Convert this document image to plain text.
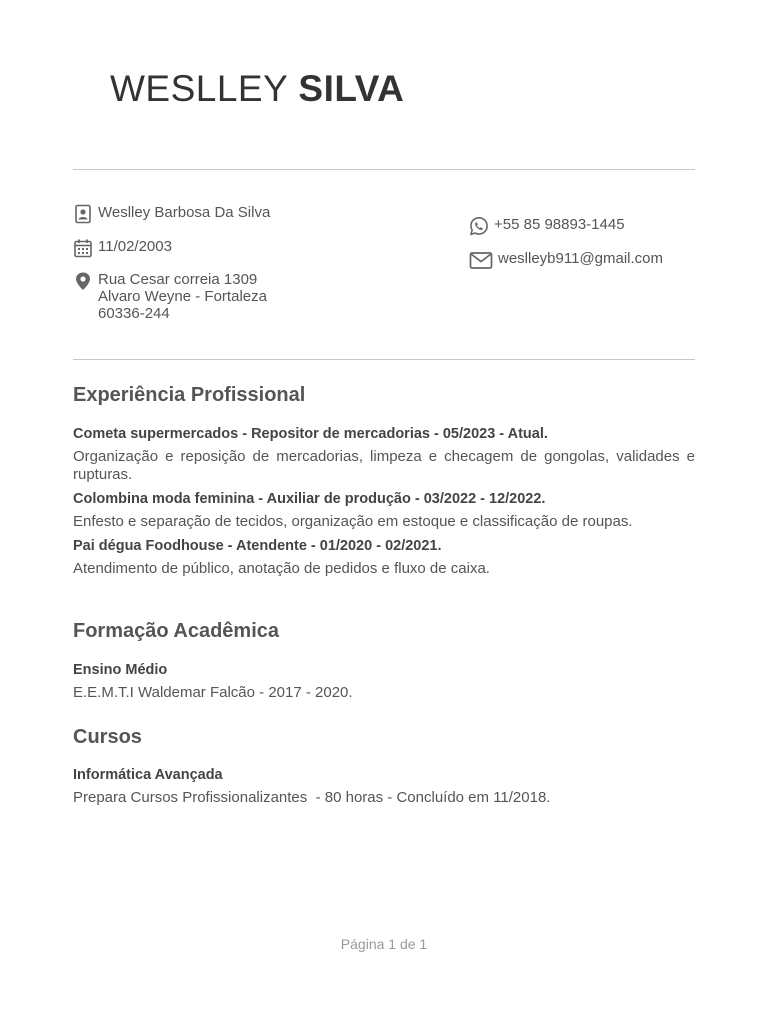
WESLLEY SILVA
Weslley Barbosa Da Silva
11/02/2003
Rua Cesar correia 1309
Alvaro Weyne - Fortaleza
60336-244
+55 85 98893-1445
weslleyb911@gmail.com
Experiência Profissional
Cometa supermercados - Repositor de mercadorias - 05/2023 - Atual.
Organização e reposição de mercadorias, limpeza e checagem de gongolas, validades e rupturas.
Colombina moda feminina - Auxiliar de produção - 03/2022 - 12/2022.
Enfesto e separação de tecidos, organização em estoque e classificação de roupas.
Pai dégua Foodhouse - Atendente - 01/2020 - 02/2021.
Atendimento de público, anotação de pedidos e fluxo de caixa.
Formação Acadêmica
Ensino Médio
E.E.M.T.I Waldemar Falcão - 2017 - 2020.
Cursos
Informática Avançada
Prepara Cursos Profissionalizantes  - 80 horas - Concluído em 11/2018.
Página 1 de 1
